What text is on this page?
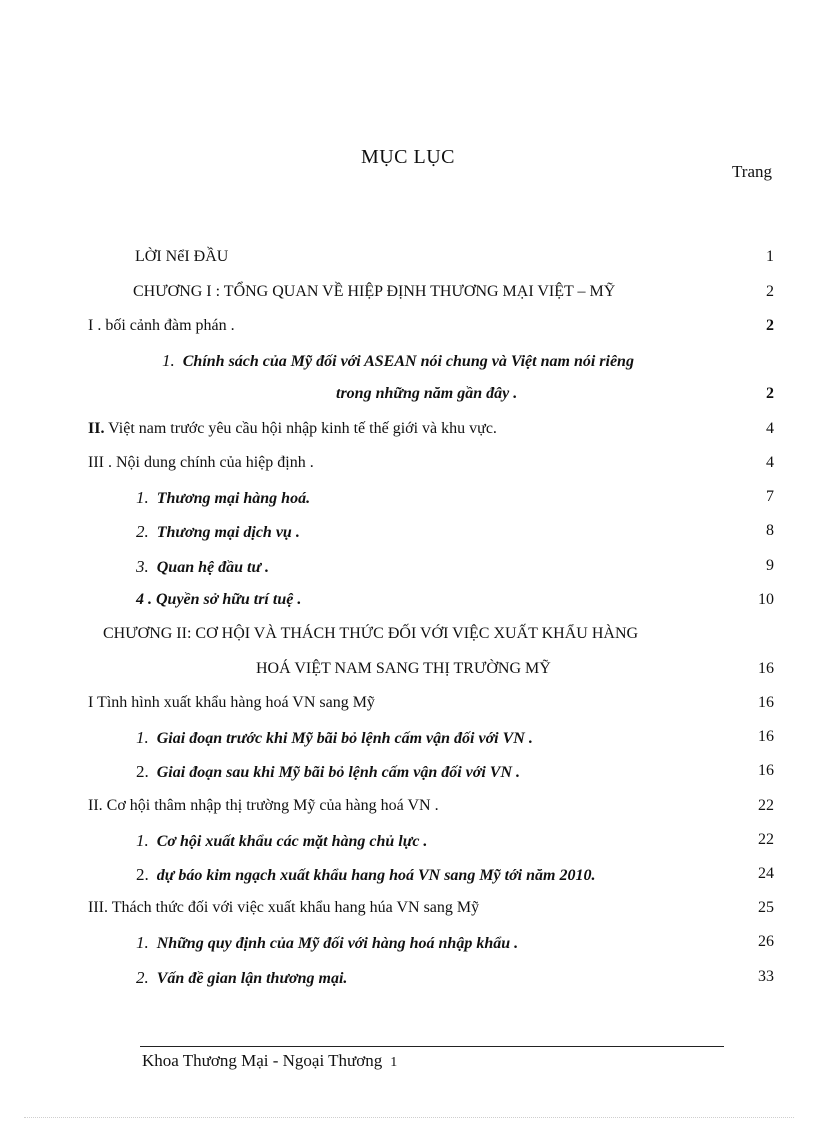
MỤC LỤC
Trang
LỜI NểI ĐẦU	1
CHƯƠNG I : TỔNG QUAN VỀ HIỆP ĐỊNH THƯƠNG MẠI VIỆT – MỸ	2
I . bối cảnh đàm phán .	2
1. Chính sách của Mỹ đối với ASEAN nói chung và Việt nam nói riêng
trong những năm gần đây .	2
II. Việt nam trước yêu cầu hội nhập kinh tế thế giới và khu vực.	4
III . Nội dung chính của hiệp định .	4
1. Thương mại hàng hoá.	7
2. Thương mại dịch vụ .	8
3. Quan hệ đầu tư .	9
4 . Quyền sở hữu trí tuệ .	10
CHƯƠNG II: CƠ HỘI VÀ THÁCH THỨC ĐỐI VỚI VIỆC XUẤT KHẨU HÀNG
HOÁ VIỆT NAM SANG THỊ TRƯỜNG MỸ	16
I Tình hình xuất khẩu hàng hoá VN sang Mỹ	16
1. Giai đoạn trước khi Mỹ bãi bỏ lệnh cấm vận đối với VN .	16
2. Giai đoạn sau khi Mỹ bãi bỏ lệnh cấm vận đối với VN .	16
II. Cơ hội thâm nhập thị trường Mỹ của hàng hoá VN .	22
1. Cơ hội xuất khẩu các mặt hàng chủ lực .	22
2. dự báo kim ngạch xuất khẩu hang hoá VN sang Mỹ tới năm 2010.	24
III. Thách thức đối với việc xuất khẩu hang húa VN sang Mỹ	25
1. Những quy định của Mỹ đối với hàng hoá nhập khẩu .	26
2. Vấn đề gian lận thương mại.	33
Khoa Thương Mại - Ngoại Thương 1
